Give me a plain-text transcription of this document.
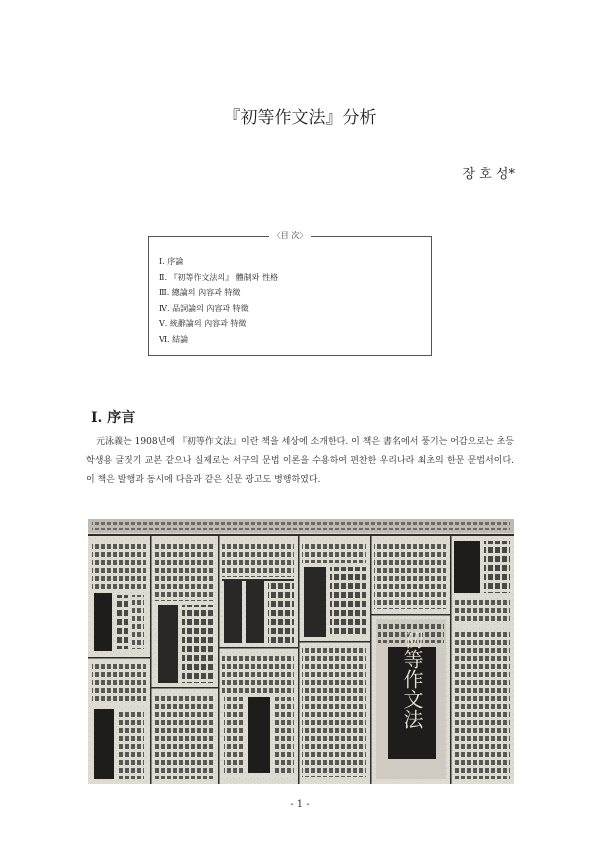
『初等作文法』分析
장 호 성*
〈目 次〉
Ⅰ. 序論
Ⅱ. 『初等作文法의』 體制와 性格
Ⅲ. 總論의 內容과 特徵
Ⅳ. 品詞論의 內容과 特徵
Ⅴ. 統辭論의 內容과 特徵
Ⅵ. 結論
Ⅰ. 序言

元泳義는 1908년에 『初等作文法』이란 책을 세상에 소개한다. 이 책은 書名에서 풍기는 어감으로는 초등학생용 글짓기 교본 같으나 실제로는 서구의 문법 이론을 수용하여 편찬한 우리나라 최초의 한문 문법서이다. 이 책은 발행과 동시에 다음과 같은 신문 광고도 병행하였다.

初等作文法
- 1 -
